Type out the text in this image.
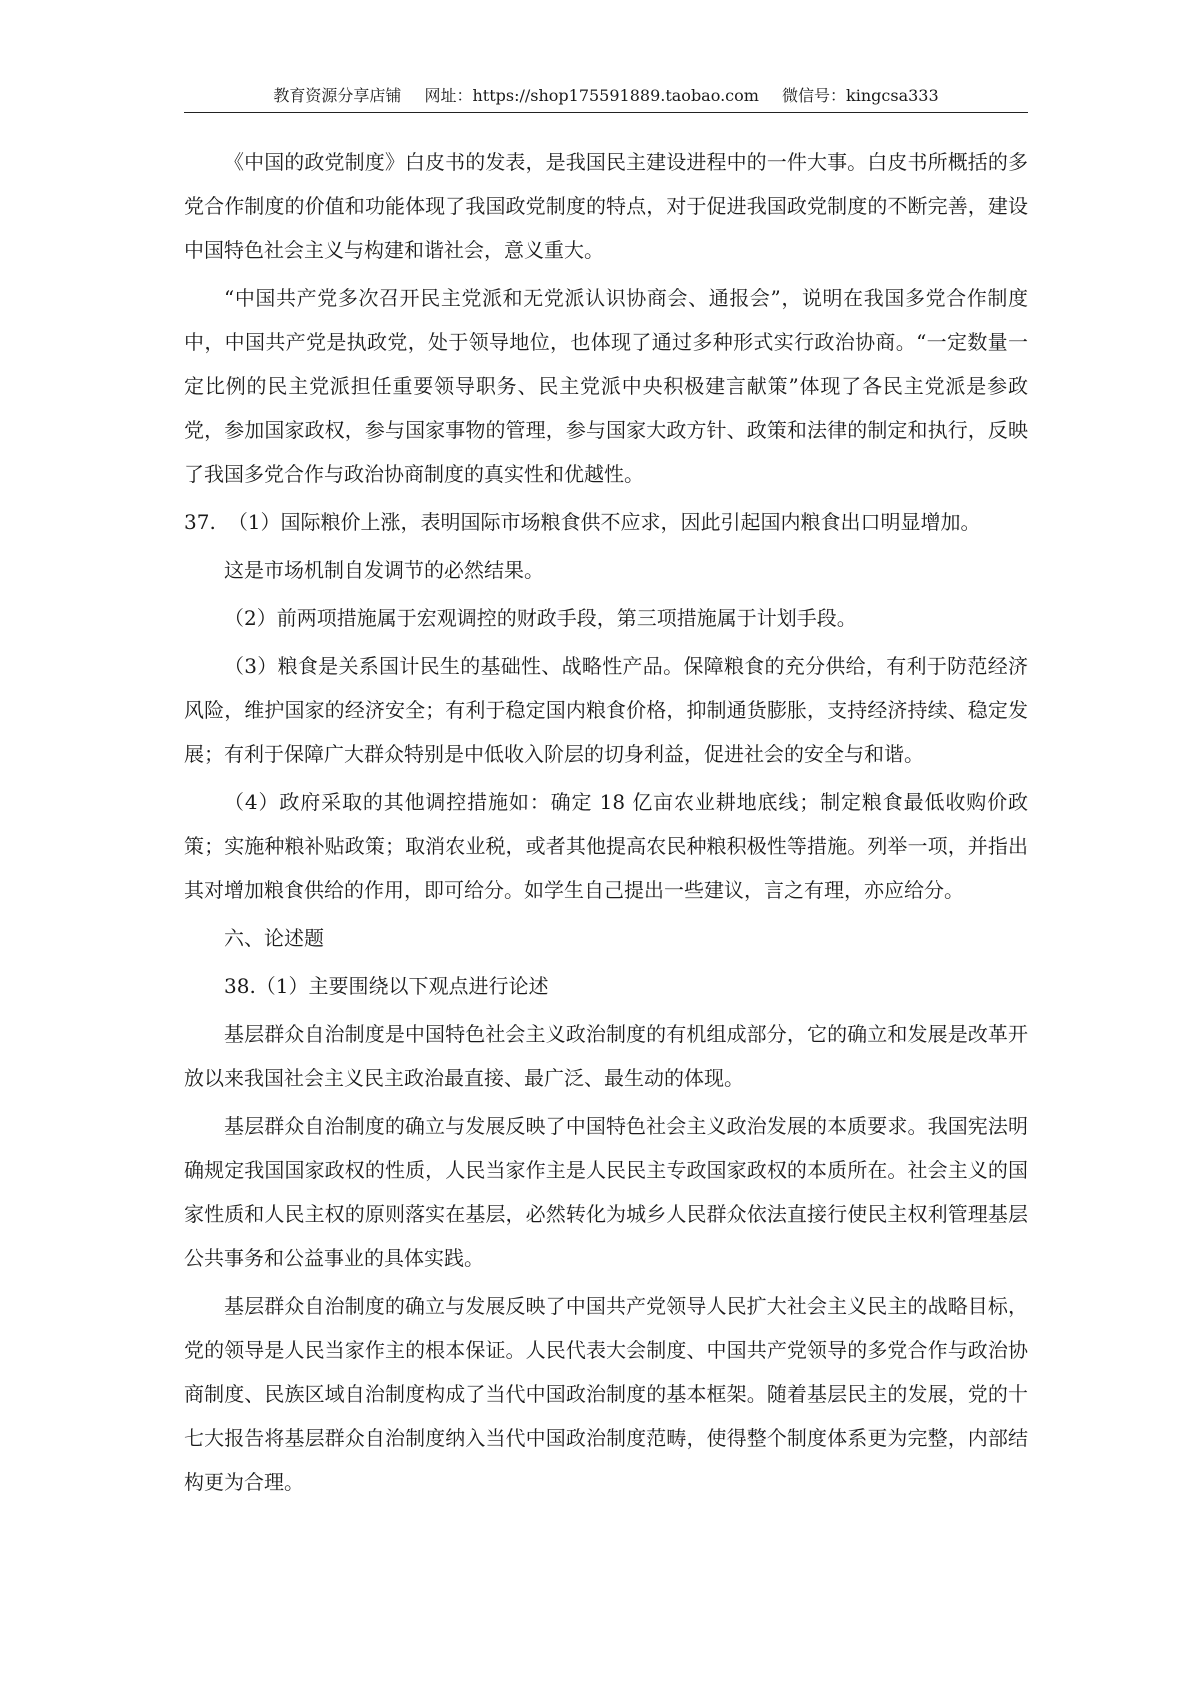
教育资源分享店铺 网址：https://shop175591889.taobao.com 微信号：kingcsa333

《中国的政党制度》白皮书的发表，是我国民主建设进程中的一件大事。白皮书所概括的多党合作制度的价值和功能体现了我国政党制度的特点，对于促进我国政党制度的不断完善，建设中国特色社会主义与构建和谐社会，意义重大。

“中国共产党多次召开民主党派和无党派认识协商会、通报会”，说明在我国多党合作制度中，中国共产党是执政党，处于领导地位，也体现了通过多种形式实行政治协商。“一定数量一定比例的民主党派担任重要领导职务、民主党派中央积极建言献策”体现了各民主党派是参政党，参加国家政权，参与国家事物的管理，参与国家大政方针、政策和法律的制定和执行，反映了我国多党合作与政治协商制度的真实性和优越性。

37. （1）国际粮价上涨，表明国际市场粮食供不应求，因此引起国内粮食出口明显增加。

这是市场机制自发调节的必然结果。

（2）前两项措施属于宏观调控的财政手段，第三项措施属于计划手段。

（3）粮食是关系国计民生的基础性、战略性产品。保障粮食的充分供给，有利于防范经济风险，维护国家的经济安全；有利于稳定国内粮食价格，抑制通货膨胀，支持经济持续、稳定发展；有利于保障广大群众特别是中低收入阶层的切身利益，促进社会的安全与和谐。

（4）政府采取的其他调控措施如：确定 18 亿亩农业耕地底线；制定粮食最低收购价政策；实施种粮补贴政策；取消农业税，或者其他提高农民种粮积极性等措施。列举一项，并指出其对增加粮食供给的作用，即可给分。如学生自己提出一些建议，言之有理，亦应给分。

六、论述题

38.（1）主要围绕以下观点进行论述

基层群众自治制度是中国特色社会主义政治制度的有机组成部分，它的确立和发展是改革开放以来我国社会主义民主政治最直接、最广泛、最生动的体现。

基层群众自治制度的确立与发展反映了中国特色社会主义政治发展的本质要求。我国宪法明确规定我国国家政权的性质，人民当家作主是人民民主专政国家政权的本质所在。社会主义的国家性质和人民主权的原则落实在基层，必然转化为城乡人民群众依法直接行使民主权利管理基层公共事务和公益事业的具体实践。

基层群众自治制度的确立与发展反映了中国共产党领导人民扩大社会主义民主的战略目标，党的领导是人民当家作主的根本保证。人民代表大会制度、中国共产党领导的多党合作与政治协商制度、民族区域自治制度构成了当代中国政治制度的基本框架。随着基层民主的发展，党的十七大报告将基层群众自治制度纳入当代中国政治制度范畴，使得整个制度体系更为完整，内部结构更为合理。
